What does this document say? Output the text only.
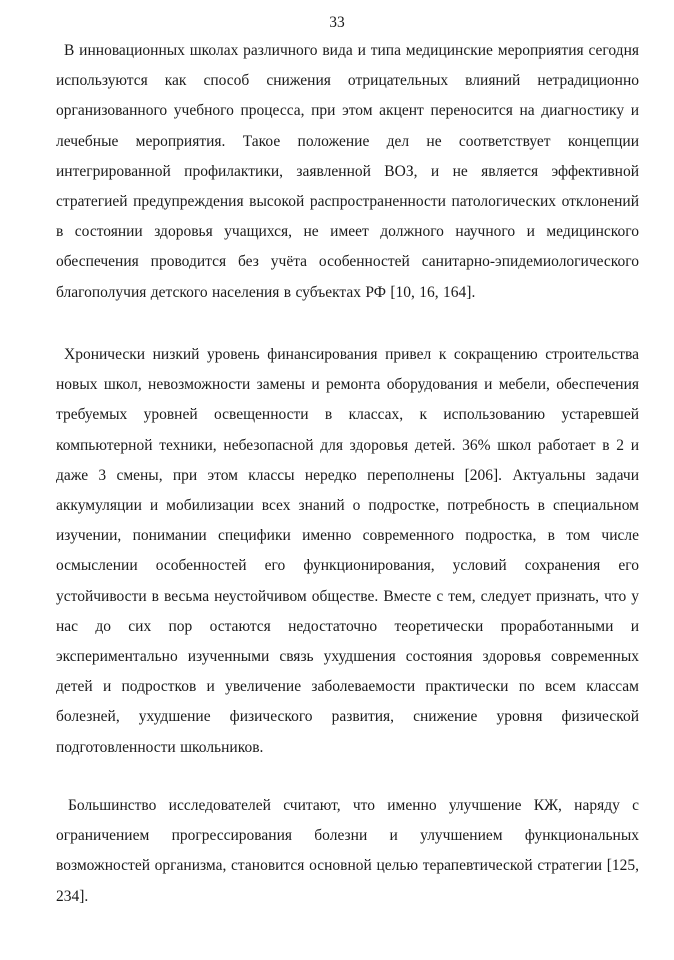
33

В инновационных школах различного вида и типа медицинские мероприятия сегодня используются как способ снижения отрицательных влияний нетрадиционно организованного учебного процесса, при этом акцент переносится на диагностику и лечебные мероприятия. Такое положение дел не соответствует концепции интегрированной профилактики, заявленной ВОЗ, и не является эффективной стратегией предупреждения высокой распространенности патологических отклонений в состоянии здоровья учащихся, не имеет должного научного и медицинского обеспечения проводится без учёта особенностей санитарно-эпидемиологического благополучия детского населения в субъектах РФ [10, 16, 164].

Хронически низкий уровень финансирования привел к сокращению строительства новых школ, невозможности замены и ремонта оборудования и мебели, обеспечения требуемых уровней освещенности в классах, к использованию устаревшей компьютерной техники, небезопасной для здоровья детей. 36% школ работает в 2 и даже 3 смены, при этом классы нередко переполнены [206]. Актуальны задачи аккумуляции и мобилизации всех знаний о подростке, потребность в специальном изучении, понимании специфики именно современного подростка, в том числе осмыслении особенностей его функционирования, условий сохранения его устойчивости в весьма неустойчивом обществе. Вместе с тем, следует признать, что у нас до сих пор остаются недостаточно теоретически проработанными и экспериментально изученными связь ухудшения состояния здоровья современных детей и подростков и увеличение заболеваемости практически по всем классам болезней, ухудшение физического развития, снижение уровня физической подготовленности школьников.

Большинство исследователей считают, что именно улучшение КЖ, наряду с ограничением прогрессирования болезни и улучшением функциональных возможностей организма, становится основной целью терапевтической стратегии [125, 234].
